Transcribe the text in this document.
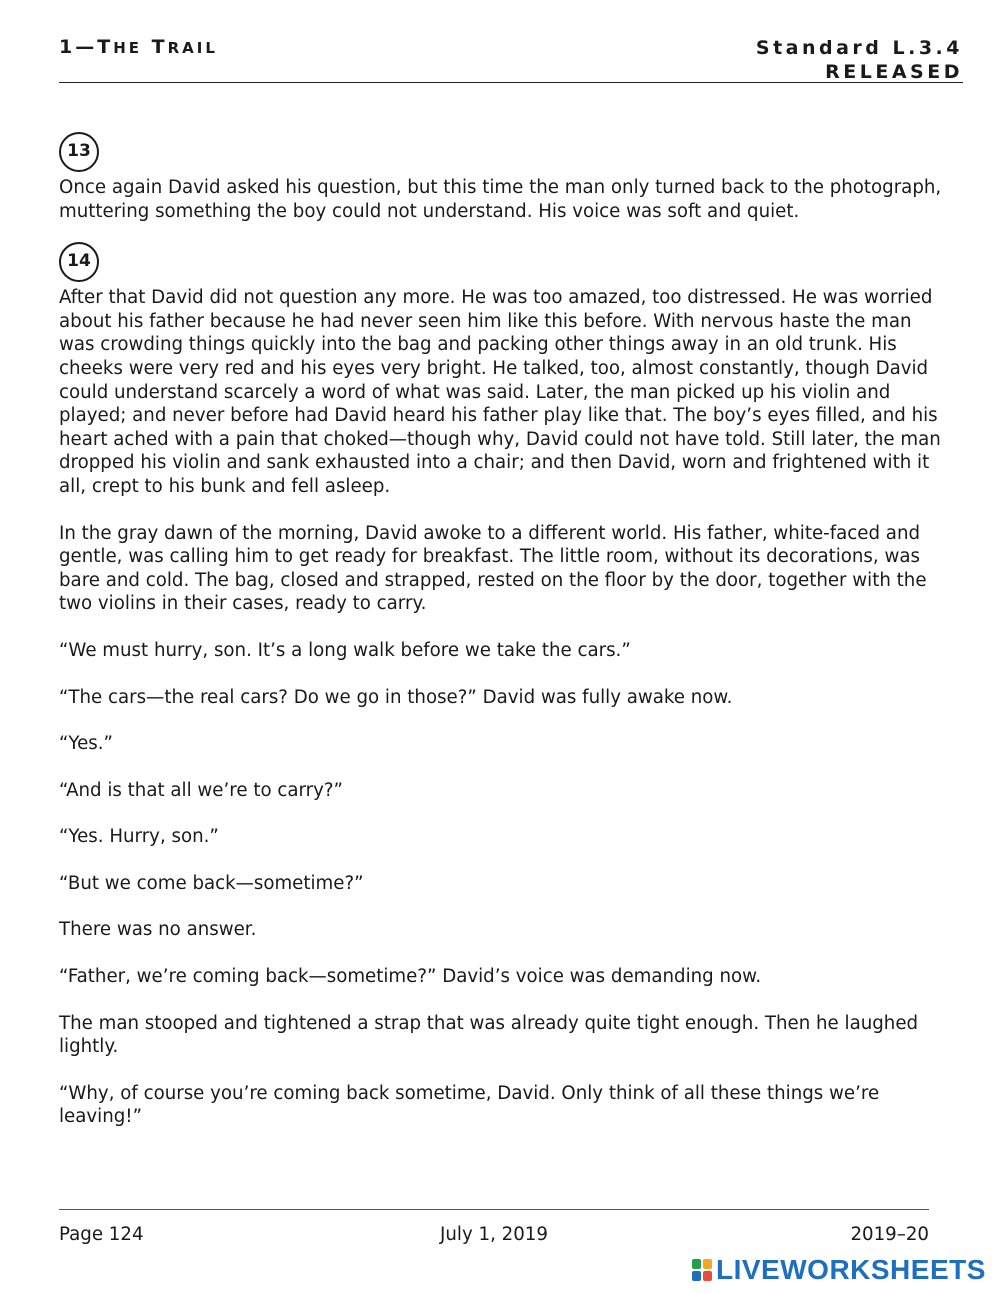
1—THE TRAIL	Standard L.3.4
RELEASED
13

Once again David asked his question, but this time the man only turned back to the photograph, muttering something the boy could not understand. His voice was soft and quiet.

14

After that David did not question any more. He was too amazed, too distressed. He was worried about his father because he had never seen him like this before. With nervous haste the man was crowding things quickly into the bag and packing other things away in an old trunk. His cheeks were very red and his eyes very bright. He talked, too, almost constantly, though David could understand scarcely a word of what was said. Later, the man picked up his violin and played; and never before had David heard his father play like that. The boy’s eyes filled, and his heart ached with a pain that choked—though why, David could not have told. Still later, the man dropped his violin and sank exhausted into a chair; and then David, worn and frightened with it all, crept to his bunk and fell asleep.

In the gray dawn of the morning, David awoke to a different world. His father, white-faced and gentle, was calling him to get ready for breakfast. The little room, without its decorations, was bare and cold. The bag, closed and strapped, rested on the floor by the door, together with the two violins in their cases, ready to carry.

“We must hurry, son. It’s a long walk before we take the cars.”

“The cars—the real cars? Do we go in those?” David was fully awake now.

“Yes.”

“And is that all we’re to carry?”

“Yes. Hurry, son.”

“But we come back—sometime?”

There was no answer.

“Father, we’re coming back—sometime?” David’s voice was demanding now.

The man stooped and tightened a strap that was already quite tight enough. Then he laughed lightly.

“Why, of course you’re coming back sometime, David. Only think of all these things we’re leaving!”

Page 124	July 1, 2019	2019–20
LIVEWORKSHEETS
